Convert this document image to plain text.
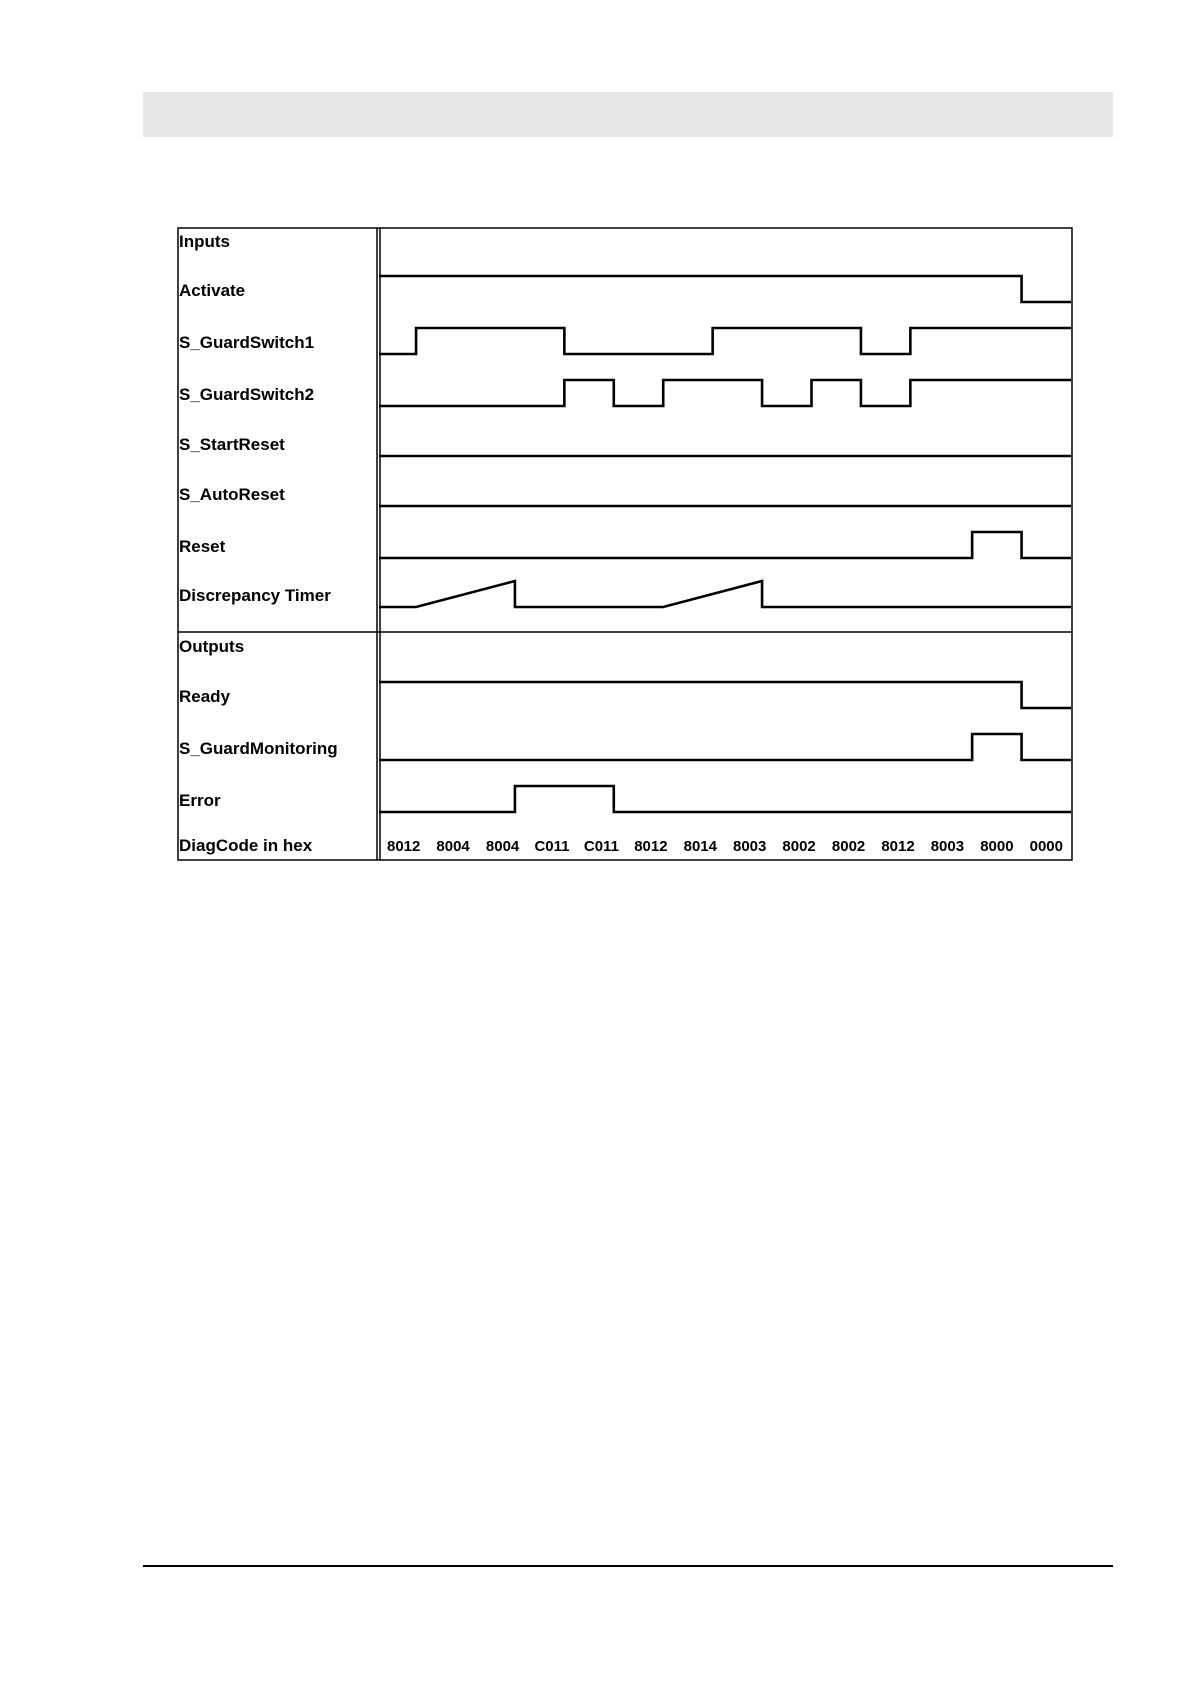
Inputs
Activate
S_GuardSwitch1
S_GuardSwitch2
S_StartReset
S_AutoReset
Reset
Discrepancy Timer
Outputs
Ready
S_GuardMonitoring
Error
DiagCode in hex	8012 8004 8004 C011 C011 8012 8014 8003 8002 8002 8012 8003 8000 0000
